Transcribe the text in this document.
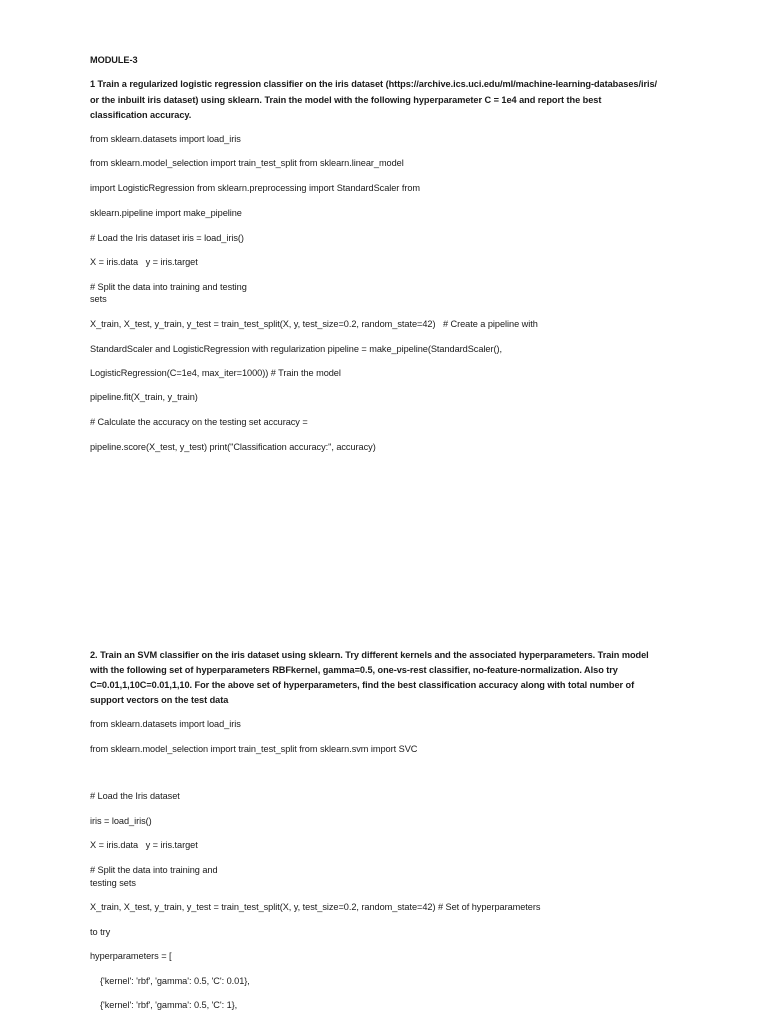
MODULE-3
1 Train a regularized logistic regression classifier on the iris dataset (https://archive.ics.uci.edu/ml/machine-learning-databases/iris/
or the inbuilt iris dataset) using sklearn. Train the model with the following hyperparameter C = 1e4 and report the best
classification accuracy.
from sklearn.datasets import load_iris
from sklearn.model_selection import train_test_split from sklearn.linear_model
import LogisticRegression from sklearn.preprocessing import StandardScaler from
sklearn.pipeline import make_pipeline
# Load the Iris dataset iris = load_iris()
X = iris.data   y = iris.target
# Split the data into training and testing
sets
X_train, X_test, y_train, y_test = train_test_split(X, y, test_size=0.2, random_state=42)   # Create a pipeline with
StandardScaler and LogisticRegression with regularization pipeline = make_pipeline(StandardScaler(),
LogisticRegression(C=1e4, max_iter=1000)) # Train the model
pipeline.fit(X_train, y_train)
# Calculate the accuracy on the testing set accuracy =
pipeline.score(X_test, y_test) print("Classification accuracy:", accuracy)
2. Train an SVM classifier on the iris dataset using sklearn. Try different kernels and the associated hyperparameters. Train model
with the following set of hyperparameters RBFkernel, gamma=0.5, one-vs-rest classifier, no-feature-normalization. Also try
C=0.01,1,10C=0.01,1,10. For the above set of hyperparameters, find the best classification accuracy along with total number of
support vectors on the test data
from sklearn.datasets import load_iris
from sklearn.model_selection import train_test_split from sklearn.svm import SVC
# Load the Iris dataset
iris = load_iris()
X = iris.data   y = iris.target
# Split the data into training and
testing sets
X_train, X_test, y_train, y_test = train_test_split(X, y, test_size=0.2, random_state=42) # Set of hyperparameters
to try
hyperparameters = [
{'kernel': 'rbf', 'gamma': 0.5, 'C': 0.01},
{'kernel': 'rbf', 'gamma': 0.5, 'C': 1},
